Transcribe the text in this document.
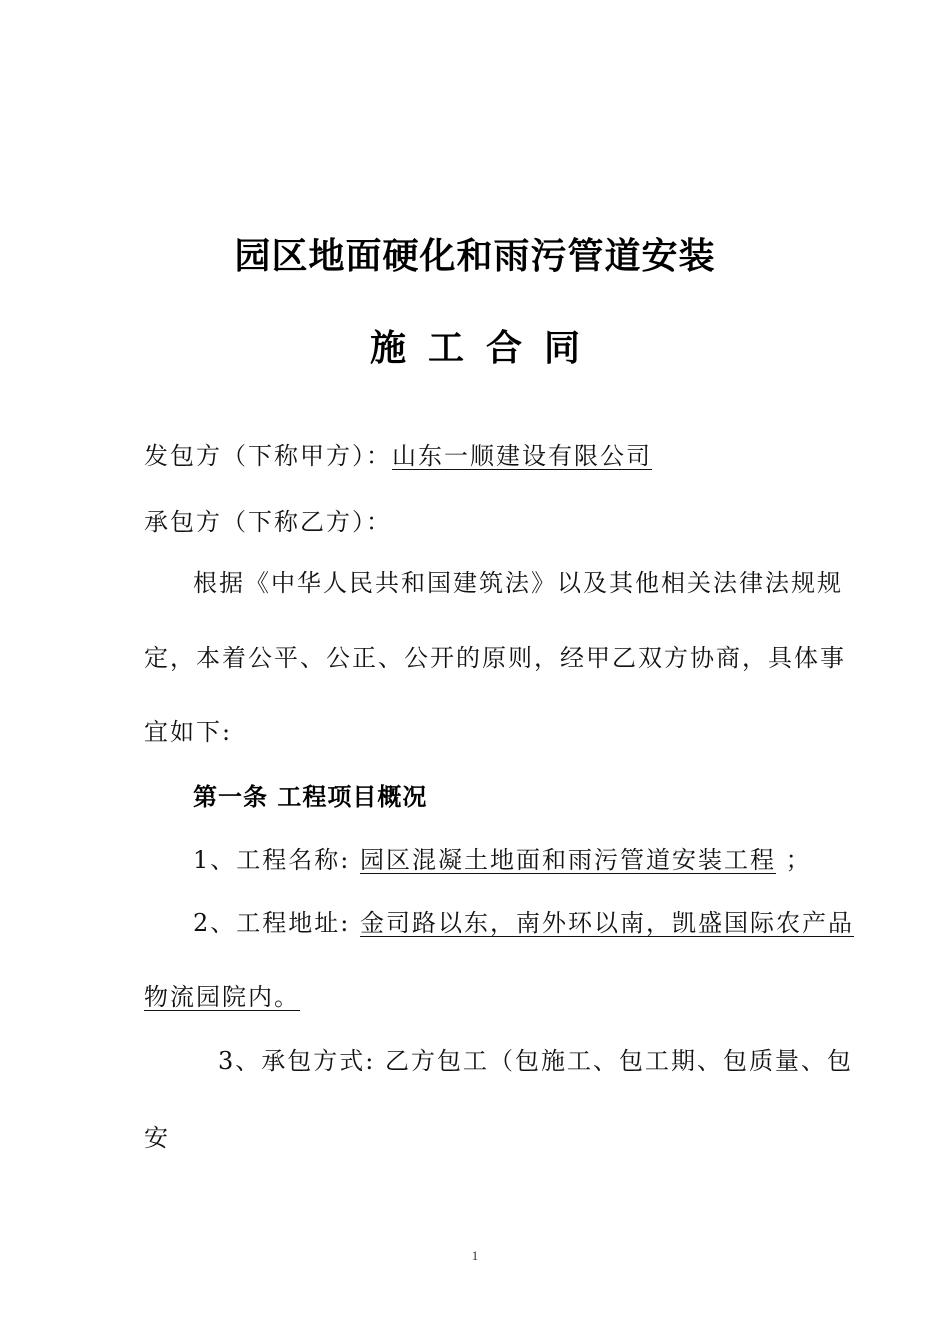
园区地面硬化和雨污管道安装
施工合同
发包方（下称甲方）：山东一顺建设有限公司
承包方（下称乙方）：
根据《中华人民共和国建筑法》以及其他相关法律法规规
定，本着公平、公正、公开的原则，经甲乙双方协商，具体事
宜如下:
第一条 工程项目概况
1、工程名称: 园区混凝土地面和雨污管道安装工程 ；
2、工程地址: 金司路以东，南外环以南，凯盛国际农产品
物流园院内。
3、承包方式: 乙方包工（包施工、包工期、包质量、包
安
1
